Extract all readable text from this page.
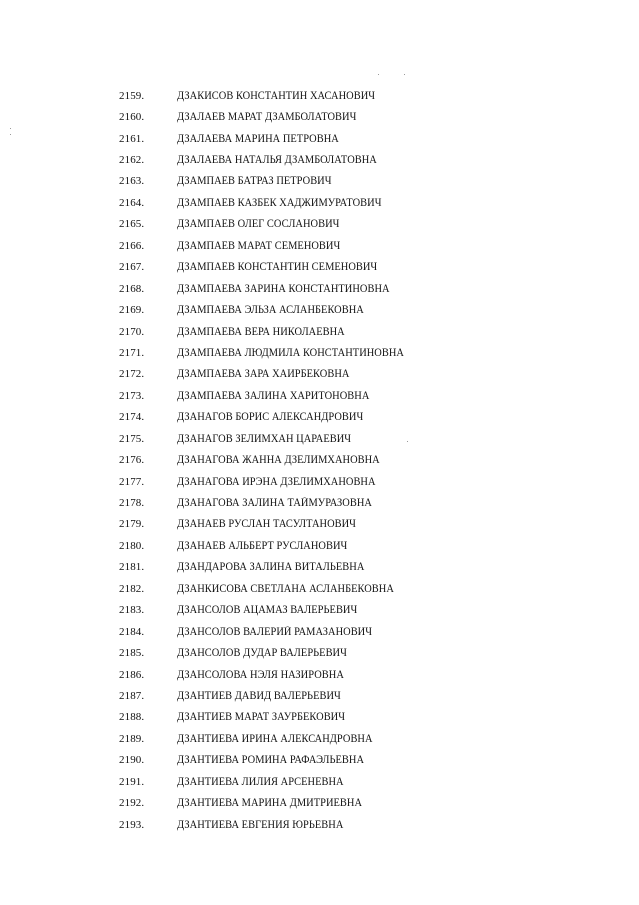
2159.	ДЗАКИСОВ КОНСТАНТИН ХАСАНОВИЧ
2160.	ДЗАЛАЕВ МАРАТ ДЗАМБОЛАТОВИЧ
2161.	ДЗАЛАЕВА МАРИНА ПЕТРОВНА
2162.	ДЗАЛАЕВА НАТАЛЬЯ ДЗАМБОЛАТОВНА
2163.	ДЗАМПАЕВ БАТРАЗ ПЕТРОВИЧ
2164.	ДЗАМПАЕВ КАЗБЕК ХАДЖИМУРАТОВИЧ
2165.	ДЗАМПАЕВ ОЛЕГ СОСЛАНОВИЧ
2166.	ДЗАМПАЕВ МАРАТ СЕМЕНОВИЧ
2167.	ДЗАМПАЕВ КОНСТАНТИН СЕМЕНОВИЧ
2168.	ДЗАМПАЕВА ЗАРИНА КОНСТАНТИНОВНА
2169.	ДЗАМПАЕВА ЭЛЬЗА АСЛАНБЕКОВНА
2170.	ДЗАМПАЕВА ВЕРА НИКОЛАЕВНА
2171.	ДЗАМПАЕВА ЛЮДМИЛА КОНСТАНТИНОВНА
2172.	ДЗАМПАЕВА ЗАРА ХАИРБЕКОВНА
2173.	ДЗАМПАЕВА ЗАЛИНА ХАРИТОНОВНА
2174.	ДЗАНАГОВ БОРИС АЛЕКСАНДРОВИЧ
2175.	ДЗАНАГОВ ЗЕЛИМХАН ЦАРАЕВИЧ
2176.	ДЗАНАГОВА ЖАННА ДЗЕЛИМХАНОВНА
2177.	ДЗАНАГОВА ИРЭНА ДЗЕЛИМХАНОВНА
2178.	ДЗАНАГОВА ЗАЛИНА ТАЙМУРАЗОВНА
2179.	ДЗАНАЕВ РУСЛАН ТАСУЛТАНОВИЧ
2180.	ДЗАНАЕВ АЛЬБЕРТ РУСЛАНОВИЧ
2181.	ДЗАНДАРОВА ЗАЛИНА ВИТАЛЬЕВНА
2182.	ДЗАНКИСОВА СВЕТЛАНА АСЛАНБЕКОВНА
2183.	ДЗАНСОЛОВ АЦАМАЗ ВАЛЕРЬЕВИЧ
2184.	ДЗАНСОЛОВ ВАЛЕРИЙ РАМАЗАНОВИЧ
2185.	ДЗАНСОЛОВ ДУДАР ВАЛЕРЬЕВИЧ
2186.	ДЗАНСОЛОВА НЭЛЯ НАЗИРОВНА
2187.	ДЗАНТИЕВ ДАВИД ВАЛЕРЬЕВИЧ
2188.	ДЗАНТИЕВ МАРАТ ЗАУРБЕКОВИЧ
2189.	ДЗАНТИЕВА ИРИНА АЛЕКСАНДРОВНА
2190.	ДЗАНТИЕВА РОМИНА РАФАЭЛЬЕВНА
2191.	ДЗАНТИЕВА ЛИЛИЯ АРСЕНЕВНА
2192.	ДЗАНТИЕВА МАРИНА ДМИТРИЕВНА
2193.	ДЗАНТИЕВА ЕВГЕНИЯ ЮРЬЕВНА
